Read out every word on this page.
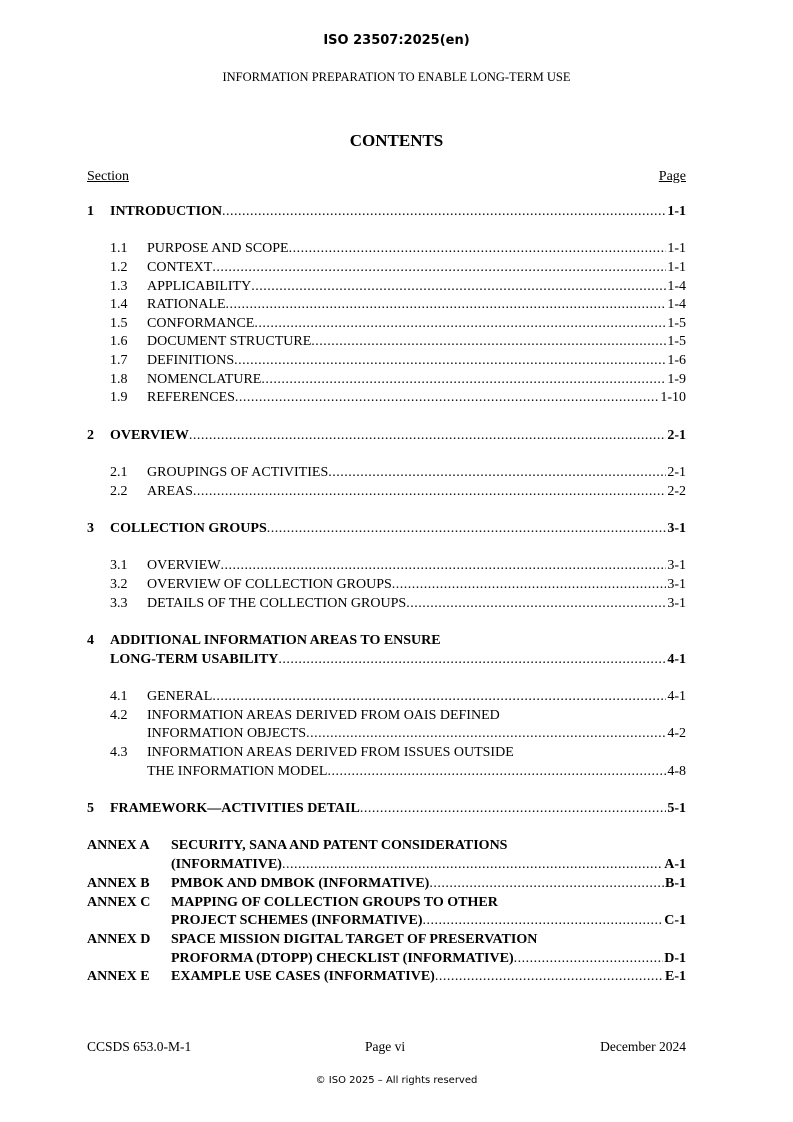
ISO 23507:2025(en)
INFORMATION PREPARATION TO ENABLE LONG-TERM USE
CONTENTS
Section	Page
1	INTRODUCTION .....	1-1
1.1	PURPOSE AND SCOPE .....	1-1
1.2	CONTEXT .....	1-1
1.3	APPLICABILITY .....	1-4
1.4	RATIONALE .....	1-4
1.5	CONFORMANCE .....	1-5
1.6	DOCUMENT STRUCTURE .....	1-5
1.7	DEFINITIONS .....	1-6
1.8	NOMENCLATURE .....	1-9
1.9	REFERENCES .....	1-10
2	OVERVIEW .....	2-1
2.1	GROUPINGS OF ACTIVITIES .....	2-1
2.2	AREAS .....	2-2
3	COLLECTION GROUPS .....	3-1
3.1	OVERVIEW .....	3-1
3.2	OVERVIEW OF COLLECTION GROUPS .....	3-1
3.3	DETAILS OF THE COLLECTION GROUPS .....	3-1
4	ADDITIONAL INFORMATION AREAS TO ENSURE
LONG-TERM USABILITY .....	4-1
4.1	GENERAL .....	4-1
4.2	INFORMATION AREAS DERIVED FROM OAIS DEFINED
INFORMATION OBJECTS .....	4-2
4.3	INFORMATION AREAS DERIVED FROM ISSUES OUTSIDE
THE INFORMATION MODEL .....	4-8
5	FRAMEWORK—ACTIVITIES DETAIL .....	5-1
ANNEX A	SECURITY, SANA AND PATENT CONSIDERATIONS
(INFORMATIVE) .....	A-1
ANNEX B	PMBOK AND DMBOK (INFORMATIVE) .....	B-1
ANNEX C	MAPPING OF COLLECTION GROUPS TO OTHER
PROJECT SCHEMES (INFORMATIVE) .....	C-1
ANNEX D	SPACE MISSION DIGITAL TARGET OF PRESERVATION
PROFORMA (DTOPP) CHECKLIST (INFORMATIVE) .....	D-1
ANNEX E	EXAMPLE USE CASES (INFORMATIVE) .....	E-1
CCSDS 653.0-M-1	Page vi	December 2024
© ISO 2025 – All rights reserved
